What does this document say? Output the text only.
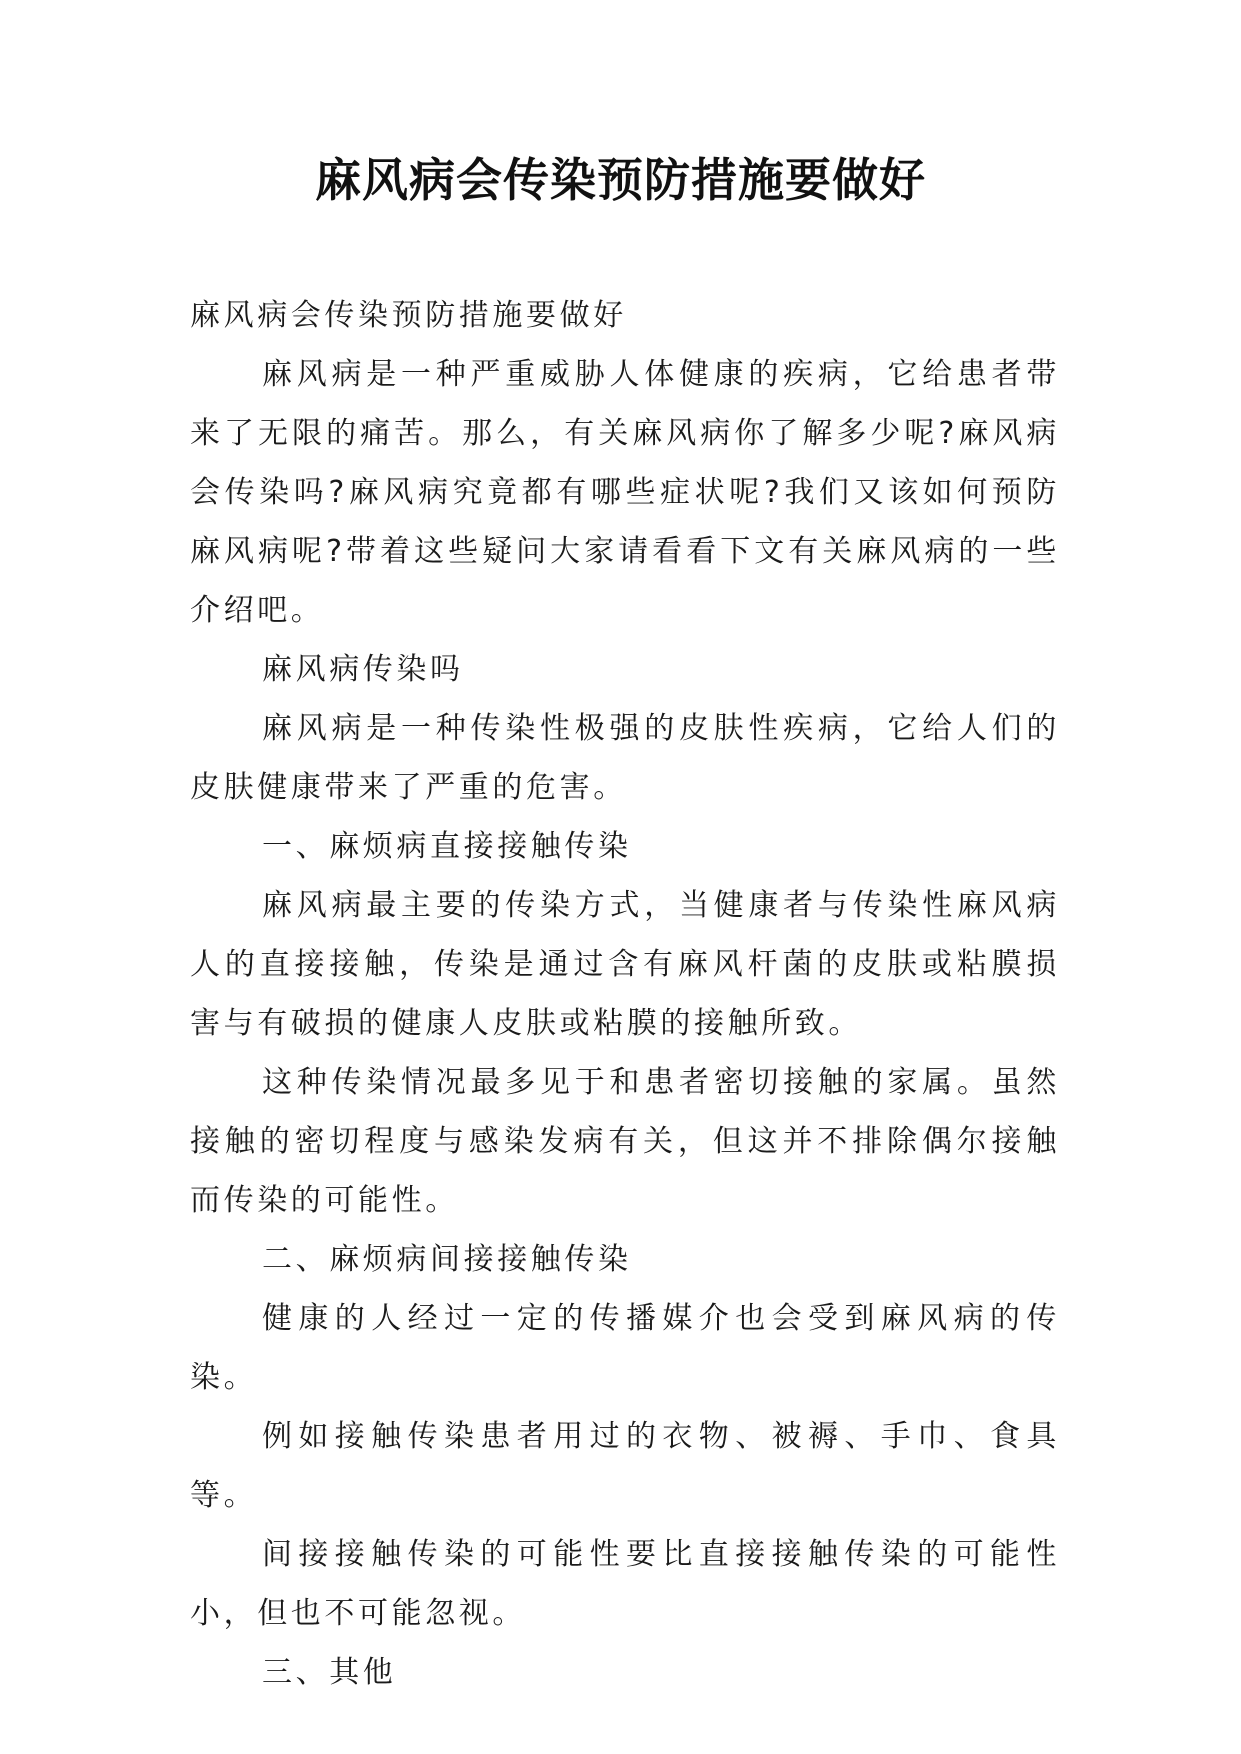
麻风病会传染预防措施要做好

麻风病会传染预防措施要做好

麻风病是一种严重威胁人体健康的疾病，它给患者带来了无限的痛苦。那么，有关麻风病你了解多少呢?麻风病会传染吗?麻风病究竟都有哪些症状呢?我们又该如何预防麻风病呢?带着这些疑问大家请看看下文有关麻风病的一些介绍吧。

麻风病传染吗

麻风病是一种传染性极强的皮肤性疾病，它给人们的皮肤健康带来了严重的危害。

一、麻烦病直接接触传染

麻风病最主要的传染方式，当健康者与传染性麻风病人的直接接触，传染是通过含有麻风杆菌的皮肤或粘膜损害与有破损的健康人皮肤或粘膜的接触所致。

这种传染情况最多见于和患者密切接触的家属。虽然接触的密切程度与感染发病有关，但这并不排除偶尔接触而传染的可能性。

二、麻烦病间接接触传染

健康的人经过一定的传播媒介也会受到麻风病的传染。

例如接触传染患者用过的衣物、被褥、手巾、食具等。

间接接触传染的可能性要比直接接触传染的可能性小，但也不可能忽视。

三、其他
